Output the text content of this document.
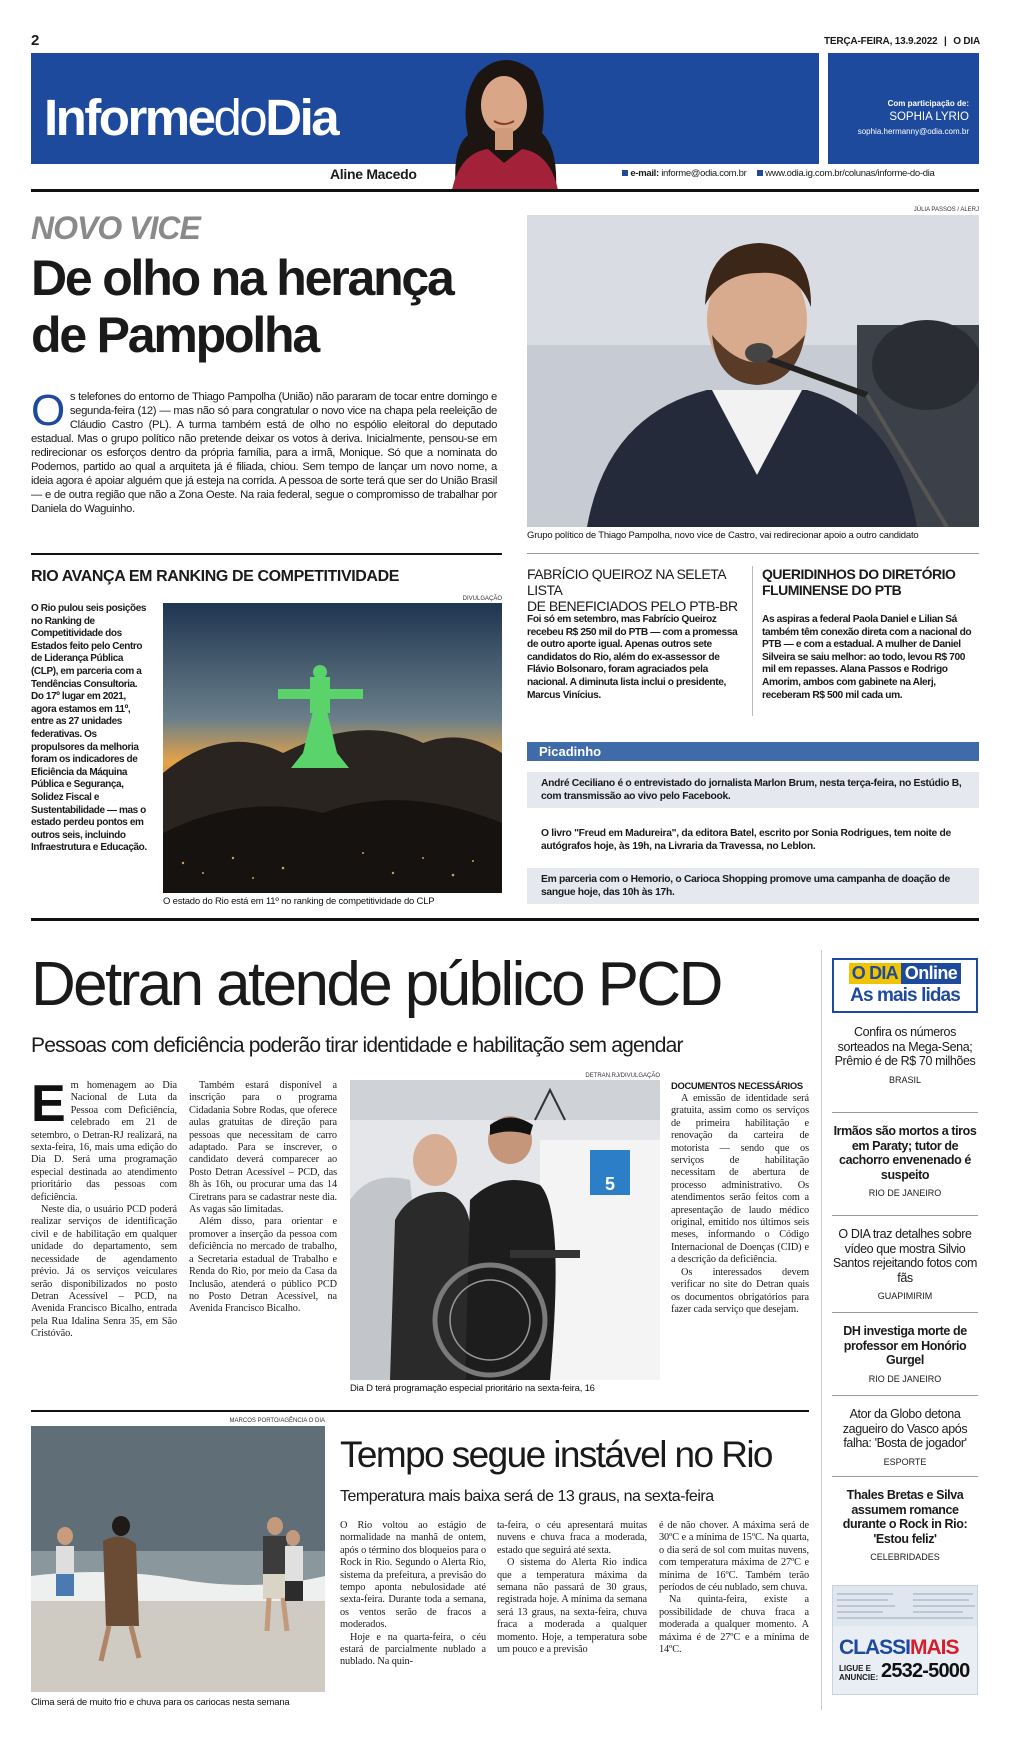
2	TERÇA-FEIRA, 13.9.2022 | O DIA
InformedoDia
Aline Macedo	e-mail: informe@odia.com.br www.odia.ig.com.br/colunas/informe-do-dia
Com participação de:
SOPHIA LYRIO
sophia.hermanny@odia.com.br
NOVO VICE
De olho na herança
de Pampolha
Os telefones do entorno de Thiago Pampolha (União) não pararam de tocar entre domingo e segunda-feira (12) — mas não só para congratular o novo vice na chapa pela reeleição de Cláudio Castro (PL). A turma também está de olho no espólio eleitoral do deputado estadual. Mas o grupo político não pretende deixar os votos à deriva. Inicialmente, pensou-se em redirecionar os esforços dentro da própria família, para a irmã, Monique. Só que a nominata do Podemos, partido ao qual a arquiteta já é filiada, chiou. Sem tempo de lançar um novo nome, a ideia agora é apoiar alguém que já esteja na corrida. A pessoa de sorte terá que ser do União Brasil — e de outra região que não a Zona Oeste. Na raia federal, segue o compromisso de trabalhar por Daniela do Waguinho.
JÚLIA PASSOS / ALERJ
Grupo político de Thiago Pampolha, novo vice de Castro, vai redirecionar apoio a outro candidato
RIO AVANÇA EM RANKING DE COMPETITIVIDADE
O Rio pulou seis posições no Ranking de Competitividade dos Estados feito pelo Centro de Liderança Pública (CLP), em parceria com a Tendências Consultoria. Do 17º lugar em 2021, agora estamos em 11º, entre as 27 unidades federativas. Os propulsores da melhoria foram os indicadores de Eficiência da Máquina Pública e Segurança, Solidez Fiscal e Sustentabilidade — mas o estado perdeu pontos em outros seis, incluindo Infraestrutura e Educação.
DIVULGAÇÃO
O estado do Rio está em 11º no ranking de competitividade do CLP
FABRÍCIO QUEIROZ NA SELETA LISTA
DE BENEFICIADOS PELO PTB-BR
Foi só em setembro, mas Fabrício Queiroz recebeu R$ 250 mil do PTB — com a promessa de outro aporte igual. Apenas outros sete candidatos do Rio, além do ex-assessor de Flávio Bolsonaro, foram agraciados pela nacional. A diminuta lista inclui o presidente, Marcus Vinícius.
QUERIDINHOS DO DIRETÓRIO
FLUMINENSE DO PTB
As aspiras a federal Paola Daniel e Lilian Sá também têm conexão direta com a nacional do PTB — e com a estadual. A mulher de Daniel Silveira se saiu melhor: ao todo, levou R$ 700 mil em repasses. Alana Passos e Rodrigo Amorim, ambos com gabinete na Alerj, receberam R$ 500 mil cada um.
Picadinho
André Ceciliano é o entrevistado do jornalista Marlon Brum, nesta terça-feira, no Estúdio B, com transmissão ao vivo pelo Facebook.
O livro "Freud em Madureira", da editora Batel, escrito por Sonia Rodrigues, tem noite de autógrafos hoje, às 19h, na Livraria da Travessa, no Leblon.
Em parceria com o Hemorio, o Carioca Shopping promove uma campanha de doação de sangue hoje, das 10h às 17h.
Detran atende público PCD
Pessoas com deficiência poderão tirar identidade e habilitação sem agendar
Em homenagem ao Dia Nacional de Luta da Pessoa com Deficiência, celebrado em 21 de setembro, o Detran-RJ realizará, na sexta-feira, 16, mais uma edição do Dia D. Será uma programação especial destinada ao atendimento prioritário das pessoas com deficiência.

Neste dia, o usuário PCD poderá realizar serviços de identificação civil e de habilitação em qualquer unidade do departamento, sem necessidade de agendamento prévio. Já os serviços veiculares serão disponibilizados no posto Detran Acessível – PCD, na Avenida Francisco Bicalho, entrada pela Rua Idalina Senra 35, em São Cristóvão.

Também estará disponível a inscrição para o programa Cidadania Sobre Rodas, que oferece aulas gratuitas de direção para pessoas que necessitam de carro adaptado. Para se inscrever, o candidato deverá comparecer ao Posto Detran Acessível – PCD, das 8h às 16h, ou procurar uma das 14 Ciretrans para se cadastrar neste dia. As vagas são limitadas.

Além disso, para orientar e promover a inserção da pessoa com deficiência no mercado de trabalho, a Secretaria estadual de Trabalho e Renda do Rio, por meio da Casa da Inclusão, atenderá o público PCD no Posto Detran Acessível, na Avenida Francisco Bicalho.

DETRAN.RJ/DIVULGAÇÃO
5
Dia D terá programação especial prioritário na sexta-feira, 16
DOCUMENTOS NECESSÁRIOS

A emissão de identidade será gratuita, assim como os serviços de primeira habilitação e renovação da carteira de motorista — sendo que os serviços de habilitação necessitam de abertura de processo administrativo. Os atendimentos serão feitos com a apresentação de laudo médico original, emitido nos últimos seis meses, informando o Código Internacional de Doenças (CID) e a descrição da deficiência.

Os interessados devem verificar no site do Detran quais os documentos obrigatórios para fazer cada serviço que desejam.

MARCOS PORTO/AGÊNCIA O DIA
Clima será de muito frio e chuva para os cariocas nesta semana
Tempo segue instável no Rio
Temperatura mais baixa será de 13 graus, na sexta-feira

O Rio voltou ao estágio de normalidade na manhã de ontem, após o término dos bloqueios para o Rock in Rio. Segundo o Alerta Rio, sistema da prefeitura, a previsão do tempo aponta nebulosidade até sexta-feira. Durante toda a semana, os ventos serão de fracos a moderados.

Hoje e na quarta-feira, o céu estará de parcialmente nublado a nublado. Na quin-

ta-feira, o céu apresentará muitas nuvens e chuva fraca a moderada, estado que seguirá até sexta.

O sistema do Alerta Rio indica que a temperatura máxima da semana não passará de 30 graus, registrada hoje. A mínima da semana será 13 graus, na sexta-feira, chuva fraca a moderada a qualquer momento. Hoje, a temperatura sobe um pouco e a previsão

é de não chover. A máxima será de 30ºC e a mínima de 15ºC. Na quarta, o dia será de sol com muitas nuvens, com temperatura máxima de 27ºC e mínima de 16ºC. Também terão períodos de céu nublado, sem chuva.

Na quinta-feira, existe a possibilidade de chuva fraca a moderada a qualquer momento. A máxima é de 27ºC e a mínima de 14ºC.

O DIA Online
As mais lidas
Confira os números sorteados na Mega-Sena; Prêmio é de R$ 70 milhões
BRASIL
Irmãos são mortos a tiros em Paraty; tutor de cachorro envenenado é suspeito
RIO DE JANEIRO
O DIA traz detalhes sobre vídeo que mostra Silvio Santos rejeitando fotos com fãs
GUAPIMIRIM
DH investiga morte de professor em Honório Gurgel
RIO DE JANEIRO
Ator da Globo detona zagueiro do Vasco após falha: 'Bosta de jogador'
ESPORTE
Thales Bretas e Silva assumem romance durante o Rock in Rio: 'Estou feliz'
CELEBRIDADES
CLASSIMAIS
LIGUE E
ANUNCIE: 2532-5000
